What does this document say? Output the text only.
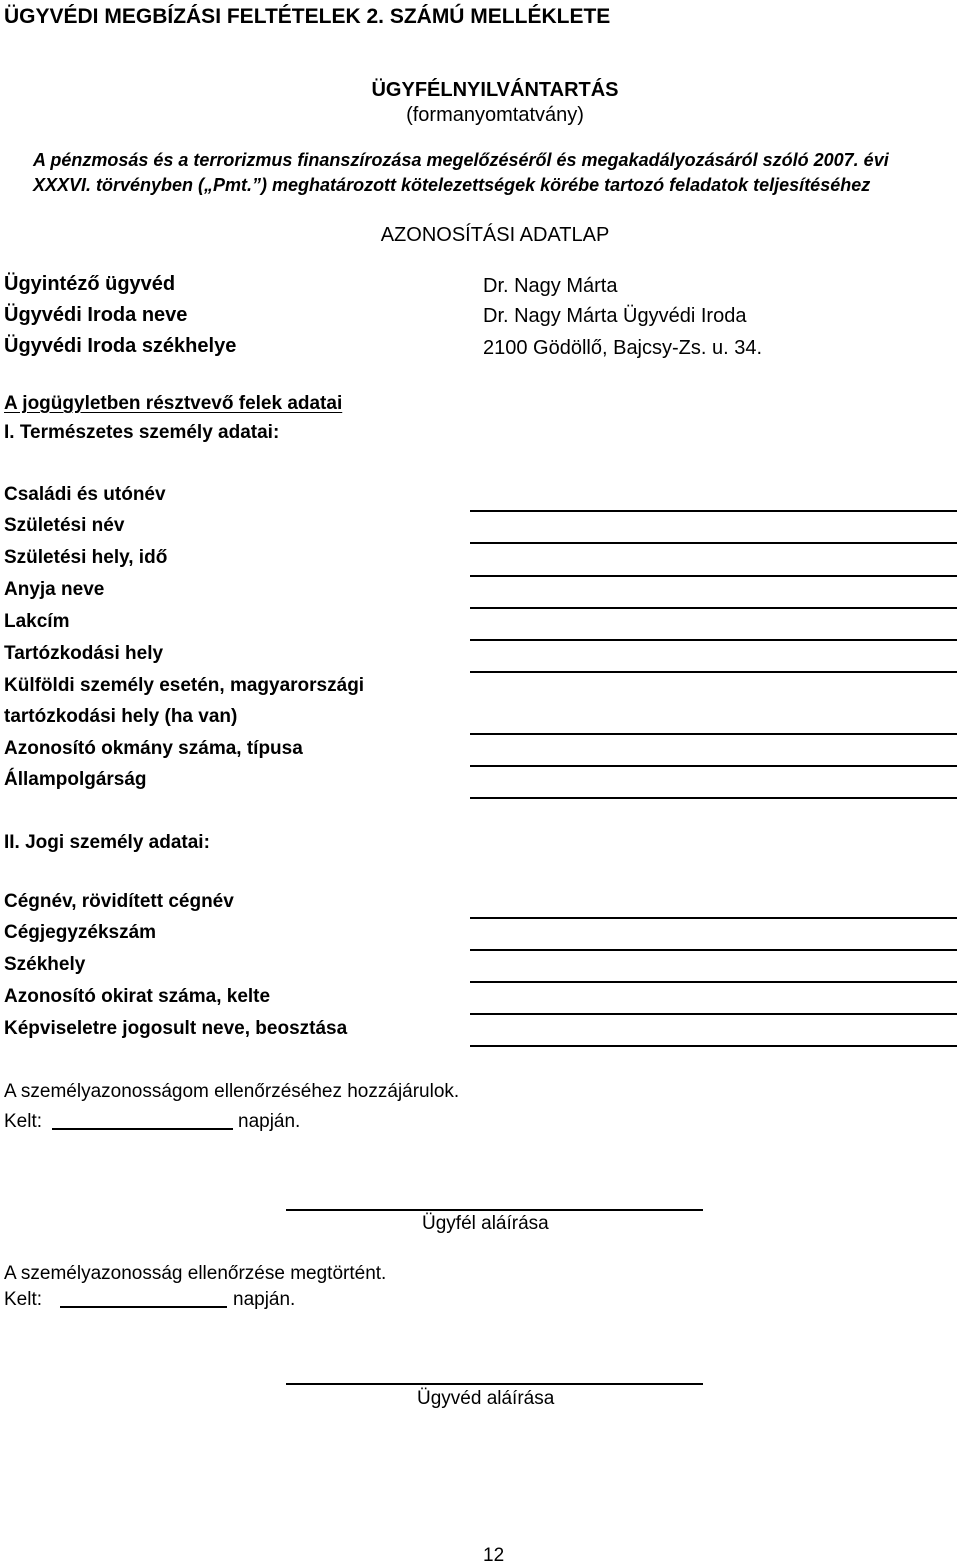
ÜGYVÉDI MEGBÍZÁSI FELTÉTELEK 2. SZÁMÚ MELLÉKLETE
ÜGYFÉLNYILVÁNTARTÁS
(formanyomtatvány)
A pénzmosás és a terrorizmus finanszírozása megelőzéséről és megakadályozásáról szóló 2007. évi
XXXVI. törvényben („Pmt.”) meghatározott kötelezettségek körébe tartozó feladatok teljesítéséhez
AZONOSÍTÁSI ADATLAP
Ügyintéző ügyvéd	Dr. Nagy Márta
Ügyvédi Iroda neve	Dr. Nagy Márta Ügyvédi Iroda
Ügyvédi Iroda székhelye	2100 Gödöllő, Bajcsy-Zs. u. 34.
A jogügyletben résztvevő felek adatai
I. Természetes személy adatai:
Családi és utónév
Születési név
Születési hely, idő
Anyja neve
Lakcím
Tartózkodási hely
Külföldi személy esetén, magyarországi
tartózkodási hely (ha van)
Azonosító okmány száma, típusa
Állampolgárság
II. Jogi személy adatai:
Cégnév, rövidített cégnév
Cégjegyzékszám
Székhely
Azonosító okirat száma, kelte
Képviseletre jogosult neve, beosztása
A személyazonosságom ellenőrzéséhez hozzájárulok.
Kelt:	napján.
Ügyfél aláírása
A személyazonosság ellenőrzése megtörtént.
Kelt:	napján.
Ügyvéd aláírása
12
